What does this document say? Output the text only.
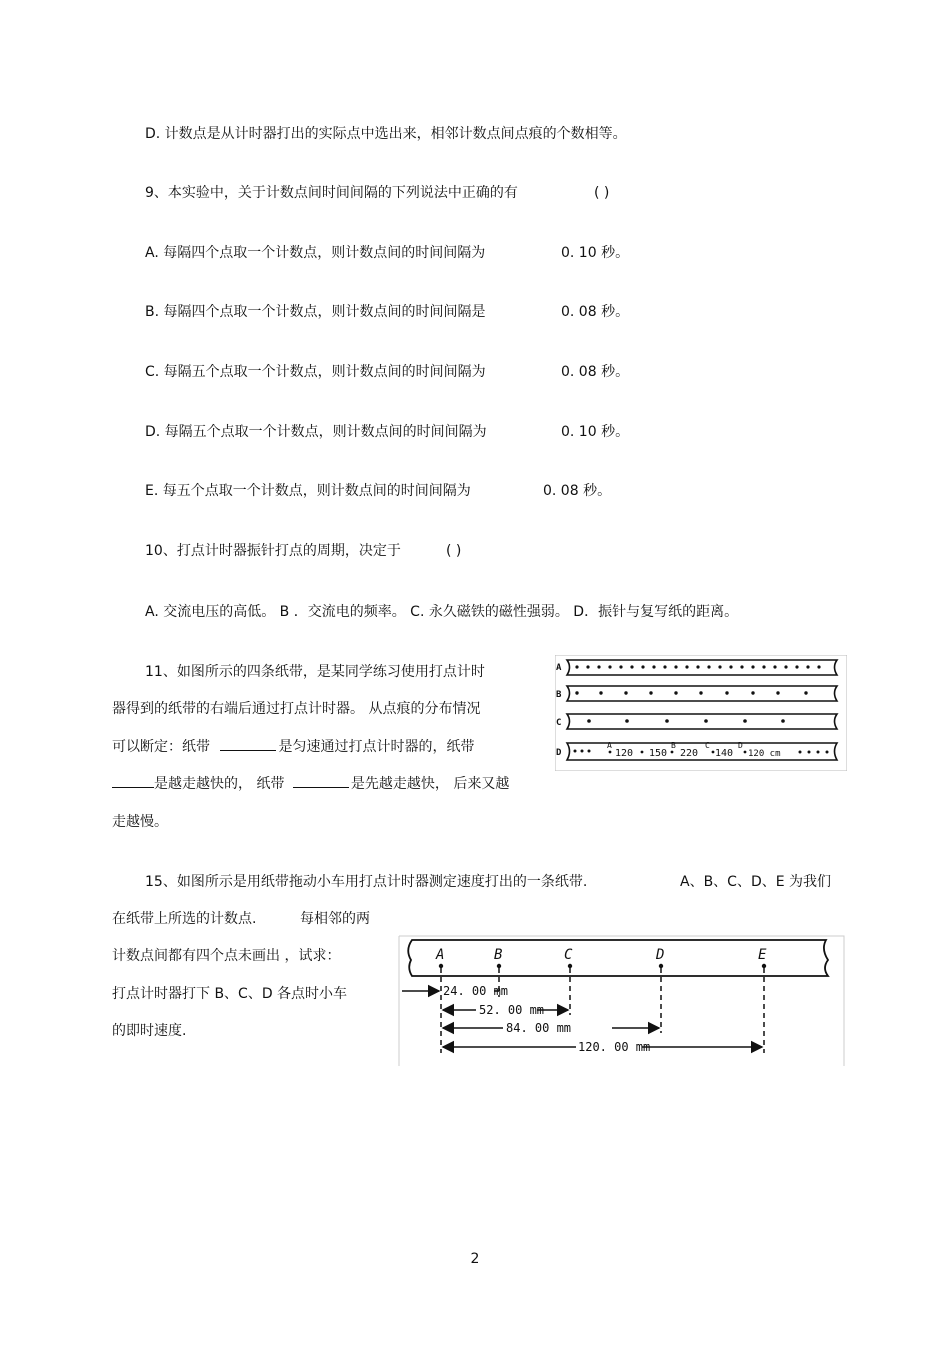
D. 计数点是从计时器打出的实际点中选出来，相邻计数点间点痕的个数相等。
9、本实验中，关于计数点间时间间隔的下列说法中正确的有	( )
A. 每隔四个点取一个计数点，则计数点间的时间间隔为	0. 10 秒。
B. 每隔四个点取一个计数点，则计数点间的时间间隔是	0. 08 秒。
C. 每隔五个点取一个计数点，则计数点间的时间间隔为	0. 08 秒。
D. 每隔五个点取一个计数点，则计数点间的时间间隔为	0. 10 秒。
E. 每五个点取一个计数点，则计数点间的时间间隔为	0. 08 秒。
10、打点计时器振针打点的周期，决定于	( )
A. 交流电压的高低。 B ．交流电的频率。 C. 永久磁铁的磁性强弱。 D．振针与复写纸的距离。
11、如图所示的四条纸带，是某同学练习使用打点计时
器得到的纸带的右端后通过打点计时器。 从点痕的分布情况
可以断定：纸带	是匀速通过打点计时器的，纸带
是越走越快的， 纸带	是先越走越快， 后来又越
走越慢。
A
B
C
D
A	B	C	D
120 150 220 140 120 cm
15、如图所示是用纸带拖动小车用打点计时器测定速度打出的一条纸带.	A、B、C、D、E 为我们
在纸带上所选的计数点.	每相邻的两
计数点间都有四个点未画出 ，试求：
打点计时器打下 B、C、D 各点时小车
的即时速度.
A	B	C	D	E
24. 00 mm
52. 00 mm
84. 00 mm
120. 00 mm
2
